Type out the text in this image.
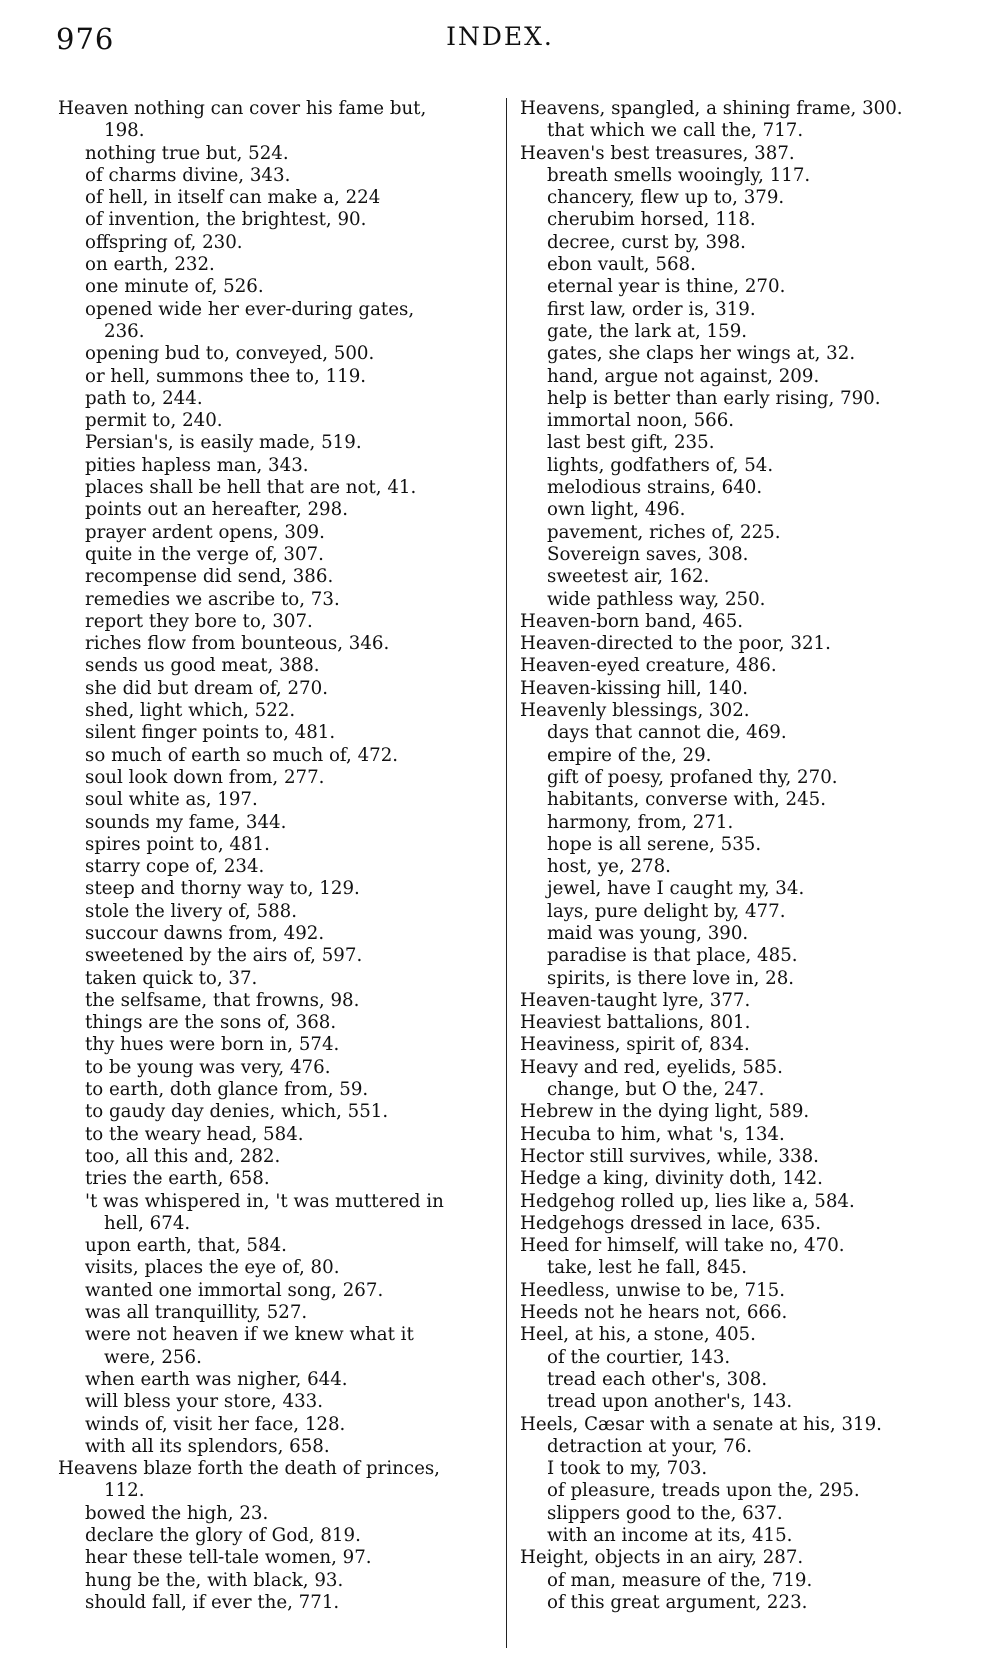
976	INDEX.
Heaven nothing can cover his fame but,
198.
nothing true but, 524.
of charms divine, 343.
of hell, in itself can make a, 224
of invention, the brightest, 90.
offspring of, 230.
on earth, 232.
one minute of, 526.
opened wide her ever-during gates,
236.
opening bud to, conveyed, 500.
or hell, summons thee to, 119.
path to, 244.
permit to, 240.
Persian's, is easily made, 519.
pities hapless man, 343.
places shall be hell that are not, 41.
points out an hereafter, 298.
prayer ardent opens, 309.
quite in the verge of, 307.
recompense did send, 386.
remedies we ascribe to, 73.
report they bore to, 307.
riches flow from bounteous, 346.
sends us good meat, 388.
she did but dream of, 270.
shed, light which, 522.
silent finger points to, 481.
so much of earth so much of, 472.
soul look down from, 277.
soul white as, 197.
sounds my fame, 344.
spires point to, 481.
starry cope of, 234.
steep and thorny way to, 129.
stole the livery of, 588.
succour dawns from, 492.
sweetened by the airs of, 597.
taken quick to, 37.
the selfsame, that frowns, 98.
things are the sons of, 368.
thy hues were born in, 574.
to be young was very, 476.
to earth, doth glance from, 59.
to gaudy day denies, which, 551.
to the weary head, 584.
too, all this and, 282.
tries the earth, 658.
't was whispered in, 't was muttered in
hell, 674.
upon earth, that, 584.
visits, places the eye of, 80.
wanted one immortal song, 267.
was all tranquillity, 527.
were not heaven if we knew what it
were, 256.
when earth was nigher, 644.
will bless your store, 433.
winds of, visit her face, 128.
with all its splendors, 658.
Heavens blaze forth the death of princes,
112.
bowed the high, 23.
declare the glory of God, 819.
hear these tell-tale women, 97.
hung be the, with black, 93.
should fall, if ever the, 771.
Heavens, spangled, a shining frame, 300.
that which we call the, 717.
Heaven's best treasures, 387.
breath smells wooingly, 117.
chancery, flew up to, 379.
cherubim horsed, 118.
decree, curst by, 398.
ebon vault, 568.
eternal year is thine, 270.
first law, order is, 319.
gate, the lark at, 159.
gates, she claps her wings at, 32.
hand, argue not against, 209.
help is better than early rising, 790.
immortal noon, 566.
last best gift, 235.
lights, godfathers of, 54.
melodious strains, 640.
own light, 496.
pavement, riches of, 225.
Sovereign saves, 308.
sweetest air, 162.
wide pathless way, 250.
Heaven-born band, 465.
Heaven-directed to the poor, 321.
Heaven-eyed creature, 486.
Heaven-kissing hill, 140.
Heavenly blessings, 302.
days that cannot die, 469.
empire of the, 29.
gift of poesy, profaned thy, 270.
habitants, converse with, 245.
harmony, from, 271.
hope is all serene, 535.
host, ye, 278.
jewel, have I caught my, 34.
lays, pure delight by, 477.
maid was young, 390.
paradise is that place, 485.
spirits, is there love in, 28.
Heaven-taught lyre, 377.
Heaviest battalions, 801.
Heaviness, spirit of, 834.
Heavy and red, eyelids, 585.
change, but O the, 247.
Hebrew in the dying light, 589.
Hecuba to him, what 's, 134.
Hector still survives, while, 338.
Hedge a king, divinity doth, 142.
Hedgehog rolled up, lies like a, 584.
Hedgehogs dressed in lace, 635.
Heed for himself, will take no, 470.
take, lest he fall, 845.
Heedless, unwise to be, 715.
Heeds not he hears not, 666.
Heel, at his, a stone, 405.
of the courtier, 143.
tread each other's, 308.
tread upon another's, 143.
Heels, Cæsar with a senate at his, 319.
detraction at your, 76.
I took to my, 703.
of pleasure, treads upon the, 295.
slippers good to the, 637.
with an income at its, 415.
Height, objects in an airy, 287.
of man, measure of the, 719.
of this great argument, 223.
